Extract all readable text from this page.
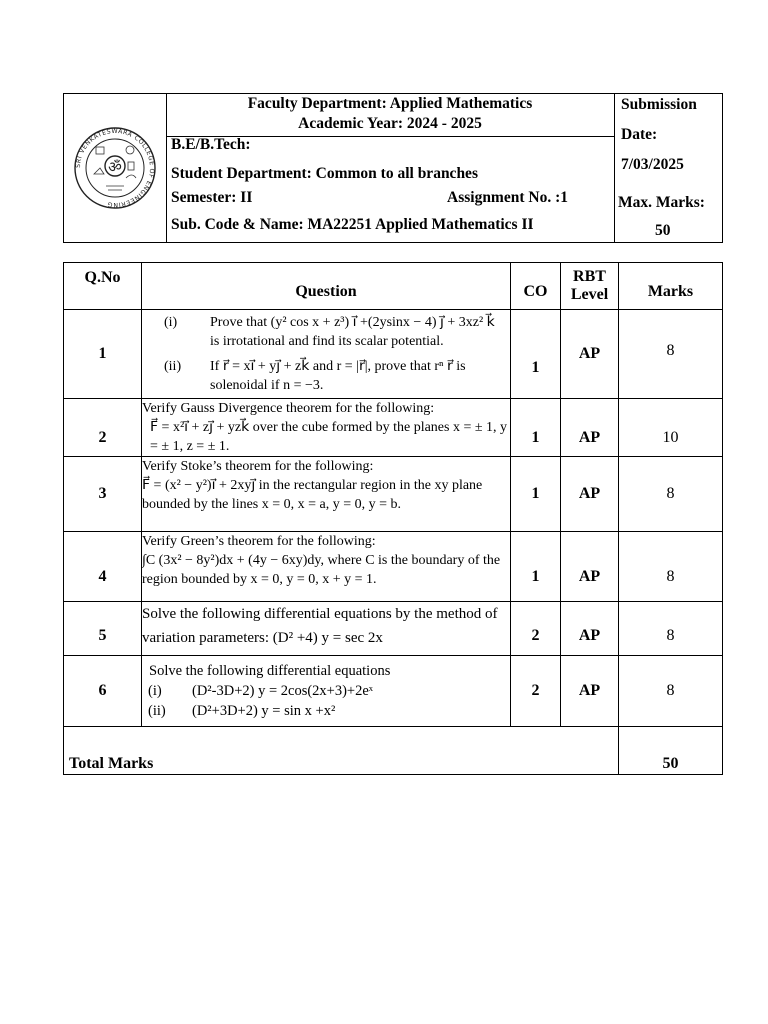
SRI VENKATESWARA COLLEGE OF ENGINEERING
ॐ
Faculty Department: Applied Mathematics
Academic Year: 2024 - 2025
B.E/B.Tech:
Student Department: Common to all branches
Semester: II	Assignment No. :1
Sub. Code & Name: MA22251 Applied Mathematics II
Submission
Date:
7/03/2025
Max. Marks:
50
Q.No	Question	CO	RBT Level	Marks
1	(i) Prove that (y² cos x + z³) i⃗ +(2ysinx − 4) j⃗ + 3xz² k⃗ is irrotational and find its scalar potential.
(ii) If r⃗ = xi⃗ + yj⃗ + zk⃗ and r = |r⃗|, prove that rⁿ r⃗ is solenoidal if n = −3.	1	AP	8
2	Verify Gauss Divergence theorem for the following:
F⃗ = x²i⃗ + zj⃗ + yzk⃗ over the cube formed by the planes x = ± 1, y = ± 1, z = ± 1.	1	AP	10
3	Verify Stoke’s theorem for the following:
F⃗ = (x² − y²)i⃗ + 2xyj⃗ in the rectangular region in the xy plane bounded by the lines x = 0, x = a, y = 0, y = b.	1	AP	8
4	Verify Green’s theorem for the following:
∫C (3x² − 8y²)dx + (4y − 6xy)dy, where C is the boundary of the region bounded by x = 0, y = 0, x + y = 1.	1	AP	8
5	Solve the following differential equations by the method of
variation parameters: (D² +4) y = sec 2x	2	AP	8
6	Solve the following differential equations
(i) (D²-3D+2) y = 2cos(2x+3)+2eˣ
(ii) (D²+3D+2) y = sin x +x²	2	AP	8
Total Marks				50
